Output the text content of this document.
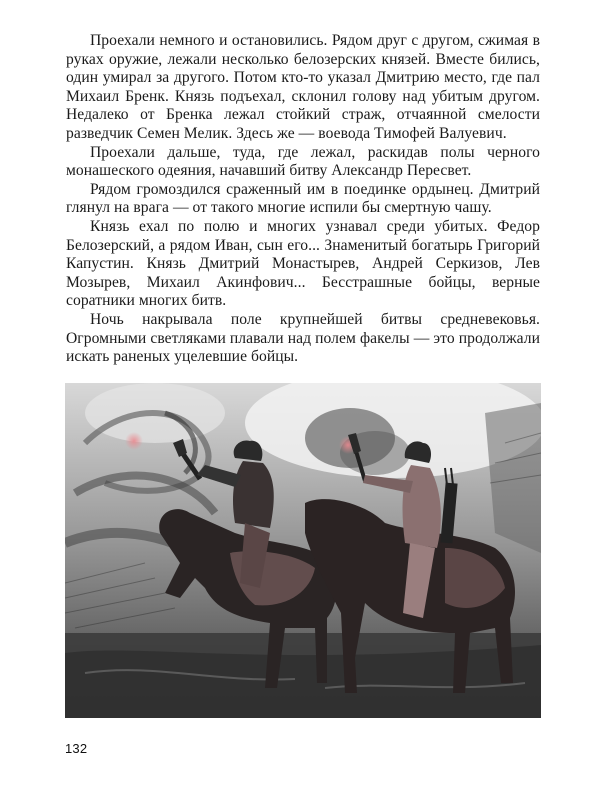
Проехали немного и остановились. Рядом друг с другом, сжимая в руках оружие, лежали несколько белозерских князей. Вместе бились, один умирал за другого. Потом кто-то указал Дмитрию место, где пал Михаил Бренк. Князь подъехал, склонил голову над убитым другом. Недалеко от Бренка лежал стойкий страж, отчаянной смелости разведчик Семен Мелик. Здесь же — воевода Тимофей Валуевич.

Проехали дальше, туда, где лежал, раскидав полы черного монашеского одеяния, начавший битву Александр Пересвет.

Рядом громоздился сраженный им в поединке ордынец. Дмитрий глянул на врага — от такого многие испили бы смертную чашу.

Князь ехал по полю и многих узнавал среди убитых. Федор Белозерский, а рядом Иван, сын его... Знаменитый богатырь Григорий Капустин. Князь Дмитрий Монастырев, Андрей Серкизов, Лев Мозырев, Михаил Акинфович... Бесстрашные бойцы, верные соратники многих битв.

Ночь накрывала поле крупнейшей битвы средневековья. Огромными светляками плавали над полем факелы — это продолжали искать раненых уцелевшие бойцы.

132
